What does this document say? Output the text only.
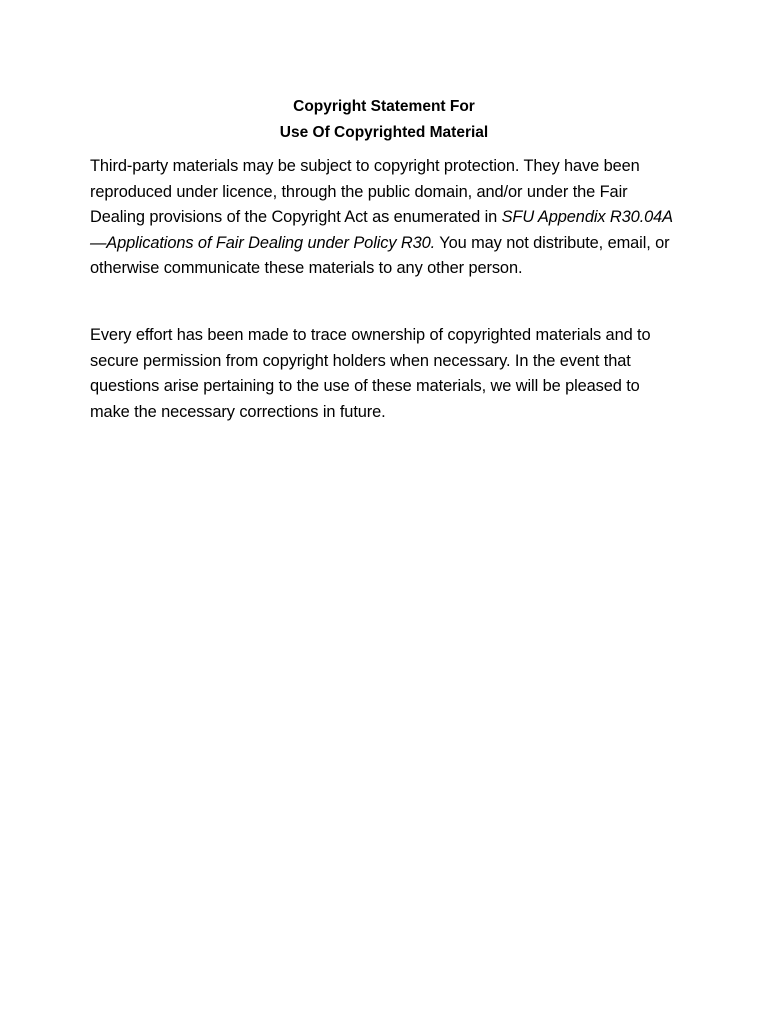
Copyright Statement For
Use Of Copyrighted Material

Third-party materials may be subject to copyright protection. They have been reproduced under licence, through the public domain, and/or under the Fair Dealing provisions of the Copyright Act as enumerated in SFU Appendix R30.04A—Applications of Fair Dealing under Policy R30. You may not distribute, email, or otherwise communicate these materials to any other person.

Every effort has been made to trace ownership of copyrighted materials and to secure permission from copyright holders when necessary. In the event that questions arise pertaining to the use of these materials, we will be pleased to make the necessary corrections in future.
